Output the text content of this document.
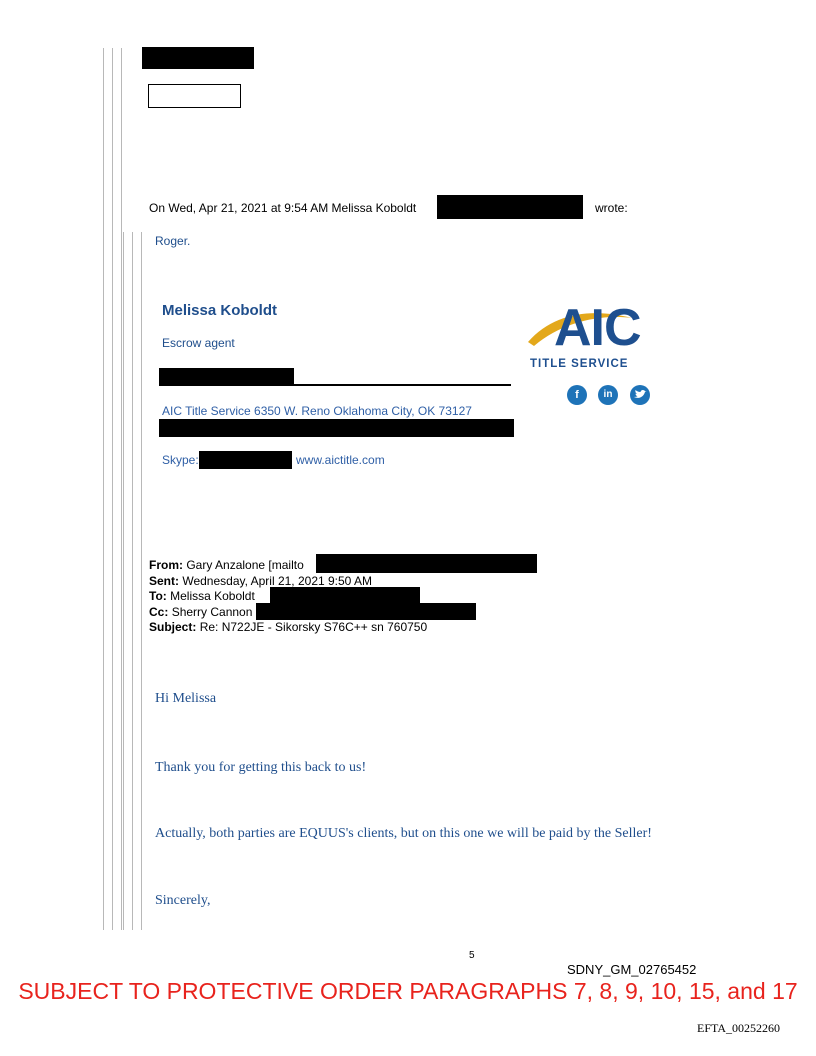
On Wed, Apr 21, 2021 at 9:54 AM Melissa Koboldt	wrote:
Roger.
Melissa Koboldt
Escrow agent
AIC Title Service 6350 W. Reno Oklahoma City, OK 73127
Skype:	www.aictitle.com
AIC
TITLE SERVICE
f	in
From: Gary Anzalone [mailto
Sent: Wednesday, April 21, 2021 9:50 AM
To: Melissa Koboldt
Cc: Sherry Cannon
Subject: Re: N722JE - Sikorsky S76C++ sn 760750
Hi Melissa
Thank you for getting this back to us!
Actually, both parties are EQUUS's clients, but on this one we will be paid by the Seller!
Sincerely,
5
SDNY_GM_02765452
SUBJECT TO PROTECTIVE ORDER PARAGRAPHS 7, 8, 9, 10, 15, and 17
EFTA_00252260
